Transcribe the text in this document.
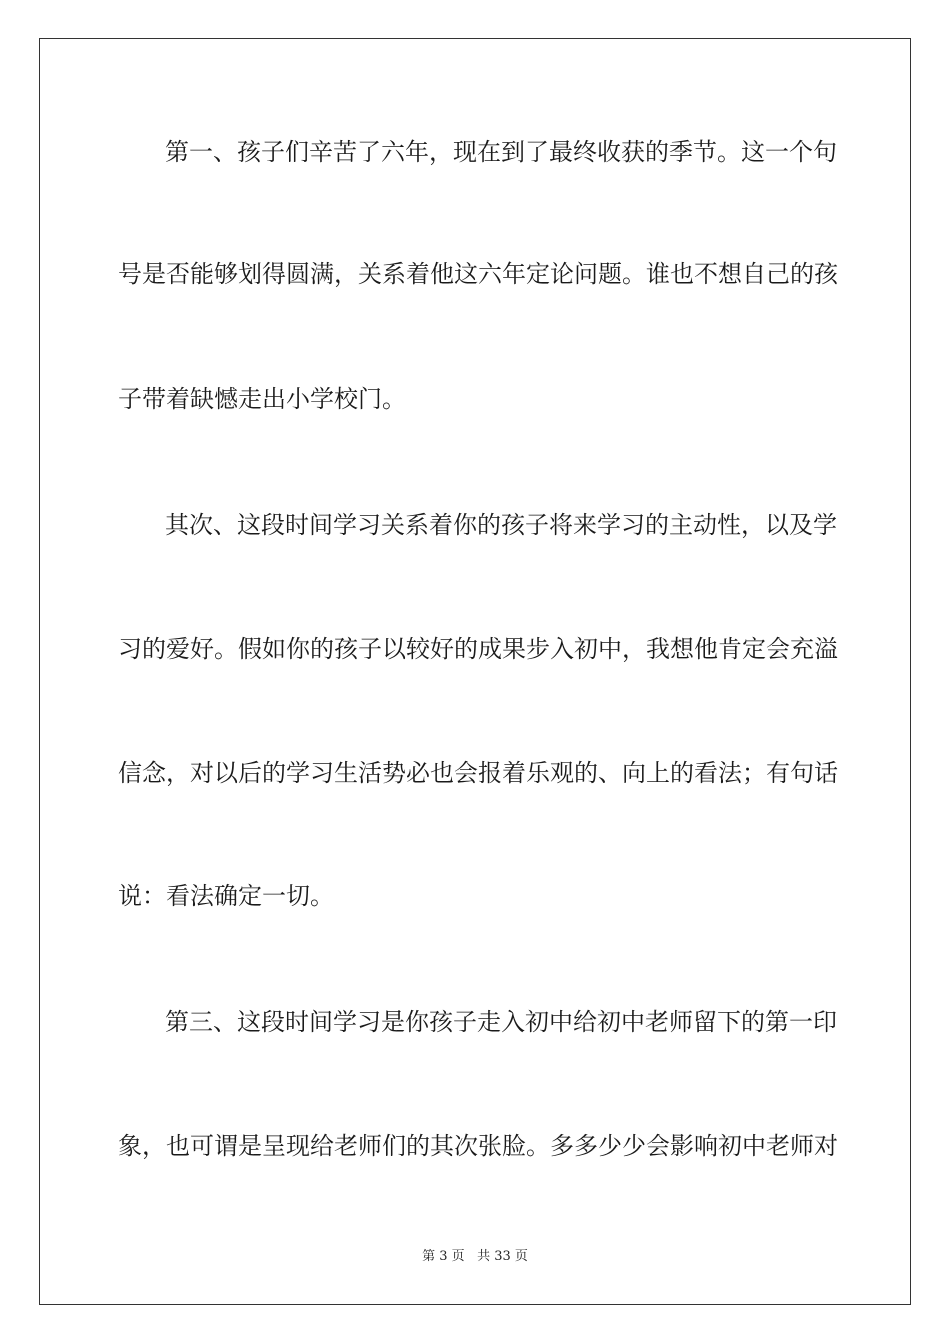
第一、孩子们辛苦了六年，现在到了最终收获的季节。这一个句
号是否能够划得圆满，关系着他这六年定论问题。谁也不想自己的孩
子带着缺憾走出小学校门。
其次、这段时间学习关系着你的孩子将来学习的主动性，以及学
习的爱好。假如你的孩子以较好的成果步入初中，我想他肯定会充溢
信念，对以后的学习生活势必也会报着乐观的、向上的看法；有句话
说：看法确定一切。
第三、这段时间学习是你孩子走入初中给初中老师留下的第一印
象，也可谓是呈现给老师们的其次张脸。多多少少会影响初中老师对
第 3 页 共 33 页
